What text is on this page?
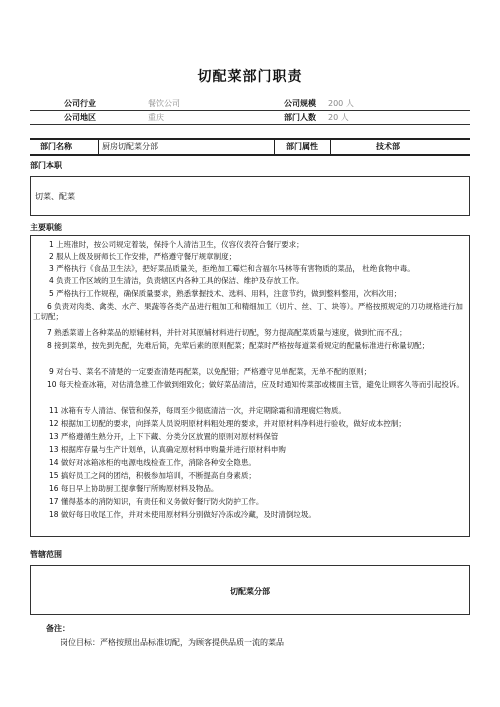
切配菜部门职责
公司行业	餐饮公司	公司规模 200 人
公司地区	重庆	部门人数 20 人
部门名称	厨房切配菜分部	部门属性	技术部
部门本职
切菜、配菜
主要职能
1 上班准时，按公司规定着装，保持个人清洁卫生，仪容仪表符合餐厅要求；
2 服从上级及厨师长工作安排，严格遵守餐厅规章制度；
3 严格执行《食品卫生法》，把好菜品质量关，拒绝加工霉烂和含福尔马林等有害物质的菜品， 杜绝食物中毒。
4 负责工作区域的卫生清洁，负责辖区内各种工具的保洁、维护及存放工作。
5 严格执行工作规程，确保质量要求，熟悉掌握技术、选料、用料，注意节约，做到整料整用，次料次用；
6 负责对肉类、禽类、水产、果蔬等各类产品进行粗加工和精细加工（切片、丝、丁、块等）。严格按照规定的刀功规格进行加工切配；
7 熟悉菜谱上各种菜品的原辅材料，并针对其原辅材料进行切配，努力提高配菜质量与速度，做到忙而不乱；
8 接到菜单，按先到先配，先难后简，先荤后素的原则配菜；配菜时严格按每道菜肴规定的配量标准进行称量切配；
9 对台号、菜名不清楚的一定要查清楚再配菜，以免配错；严格遵守见单配菜，无单不配的原则；
10 每天检查冰箱，对估清急推工作做到细致化；做好菜品清洁，应及时通知传菜部或楼面主管，避免让顾客久等而引起投诉。
11 冰箱有专人清洁、保管和保养，每周至少彻底清洁一次，并定期除霜和清理腐烂物质。
12 根据加工切配的要求，向择菜人员说明原材料粗处理的要求，并对原材料净料进行验收，做好成本控制；
13 严格遵循生熟分开，上下下藏、分类分区放置的原则对原材料保管
13 根据库存量与生产计划单，认真确定原材料申购量并进行原材料申购
14 做好对冰箱冰柜的电源电线检查工作，消除各种安全隐患。
15 搞好员工之间的团结，积极参加培训，不断提高自身素质；
16 每日早上协助厨工提拿餐厅所购原材料及物品。
17 懂得基本的消防知识，有责任和义务做好餐厅防火防护工作。
18 做好每日收尾工作，并对未使用原材料分别做好冷冻或冷藏，及时清倒垃圾。
管辖范围
切配菜分部
备注：
岗位目标：严格按照出品标准切配，为顾客提供品质一流的菜品
